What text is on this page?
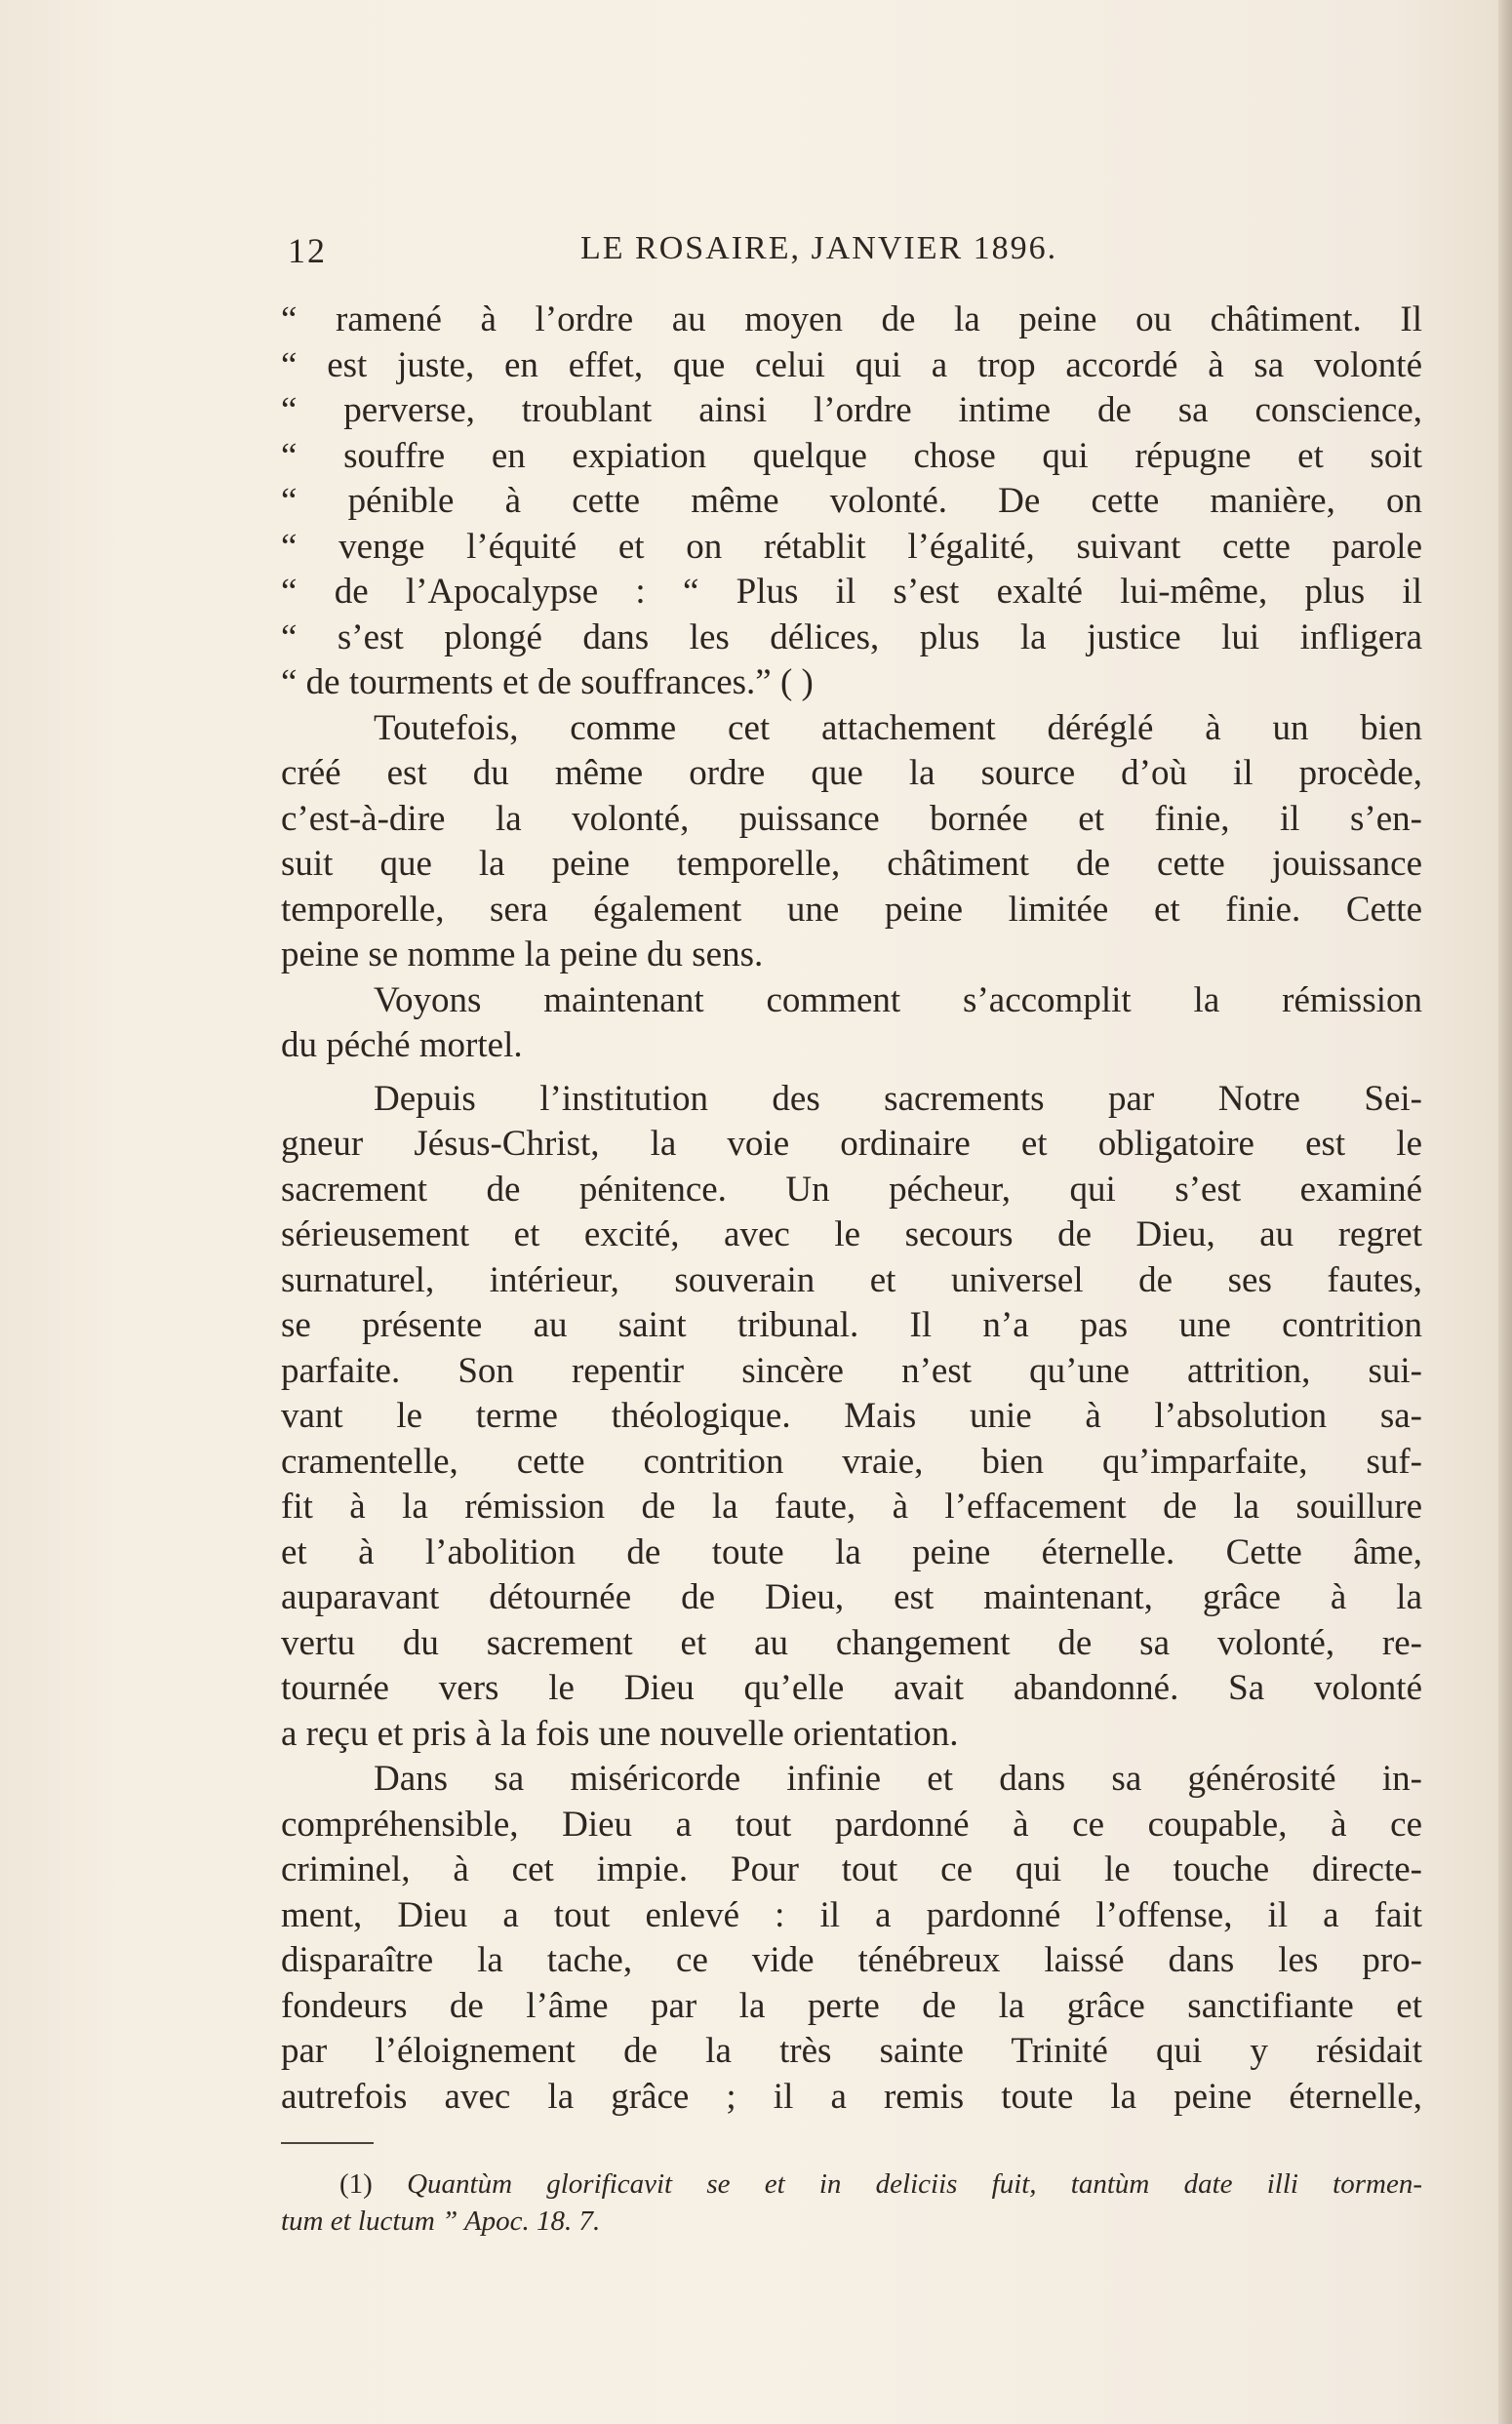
12	LE ROSAIRE, JANVIER 1896.
“ ramené à l’ordre au moyen de la peine ou châtiment. Il
“ est juste, en effet, que celui qui a trop accordé à sa volonté
“ perverse, troublant ainsi l’ordre intime de sa conscience,
“ souffre en expiation quelque chose qui répugne et soit
“ pénible à cette même volonté. De cette manière, on
“ venge l’équité et on rétablit l’égalité, suivant cette parole
“ de l’Apocalypse : “ Plus il s’est exalté lui-même, plus il
“ s’est plongé dans les délices, plus la justice lui infligera
“ de tourments et de souffrances.” ( )
Toutefois, comme cet attachement déréglé à un bien
créé est du même ordre que la source d’où il procède,
c’est-à-dire la volonté, puissance bornée et finie, il s’en-
suit que la peine temporelle, châtiment de cette jouissance
temporelle, sera également une peine limitée et finie. Cette
peine se nomme la peine du sens.
Voyons maintenant comment s’accomplit la rémission
du péché mortel.
Depuis l’institution des sacrements par Notre Sei-
gneur Jésus-Christ, la voie ordinaire et obligatoire est le
sacrement de pénitence. Un pécheur, qui s’est examiné
sérieusement et excité, avec le secours de Dieu, au regret
surnaturel, intérieur, souverain et universel de ses fautes,
se présente au saint tribunal. Il n’a pas une contrition
parfaite. Son repentir sincère n’est qu’une attrition, sui-
vant le terme théologique. Mais unie à l’absolution sa-
cramentelle, cette contrition vraie, bien qu’imparfaite, suf-
fit à la rémission de la faute, à l’effacement de la souillure
et à l’abolition de toute la peine éternelle. Cette âme,
auparavant détournée de Dieu, est maintenant, grâce à la
vertu du sacrement et au changement de sa volonté, re-
tournée vers le Dieu qu’elle avait abandonné. Sa volonté
a reçu et pris à la fois une nouvelle orientation.
Dans sa miséricorde infinie et dans sa générosité in-
compréhensible, Dieu a tout pardonné à ce coupable, à ce
criminel, à cet impie. Pour tout ce qui le touche directe-
ment, Dieu a tout enlevé : il a pardonné l’offense, il a fait
disparaître la tache, ce vide ténébreux laissé dans les pro-
fondeurs de l’âme par la perte de la grâce sanctifiante et
par l’éloignement de la très sainte Trinité qui y résidait
autrefois avec la grâce ; il a remis toute la peine éternelle,
(1) Quantùm glorificavit se et in deliciis fuit, tantùm date illi tormen-
tum et luctum ” Apoc. 18. 7.
